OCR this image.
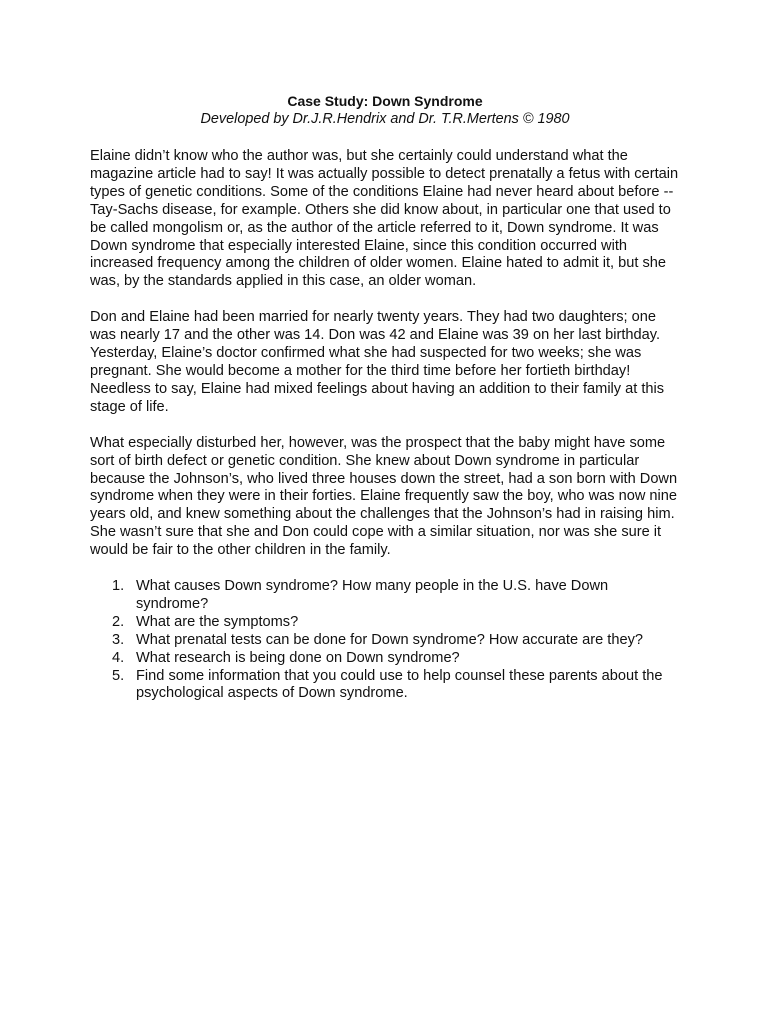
Case Study: Down Syndrome

Developed by Dr.J.R.Hendrix and Dr. T.R.Mertens © 1980

Elaine didn’t know who the author was, but she certainly could understand what the magazine article had to say! It was actually possible to detect prenatally a fetus with certain types of genetic conditions. Some of the conditions Elaine had never heard about before -- Tay-Sachs disease, for example. Others she did know about, in particular one that used to be called mongolism or, as the author of the article referred to it, Down syndrome. It was Down syndrome that especially interested Elaine, since this condition occurred with increased frequency among the children of older women. Elaine hated to admit it, but she was, by the standards applied in this case, an older woman.

Don and Elaine had been married for nearly twenty years. They had two daughters; one was nearly 17 and the other was 14. Don was 42 and Elaine was 39 on her last birthday. Yesterday, Elaine’s doctor confirmed what she had suspected for two weeks; she was pregnant. She would become a mother for the third time before her fortieth birthday! Needless to say, Elaine had mixed feelings about having an addition to their family at this stage of life.

What especially disturbed her, however, was the prospect that the baby might have some sort of birth defect or genetic condition. She knew about Down syndrome in particular because the Johnson’s, who lived three houses down the street, had a son born with Down syndrome when they were in their forties. Elaine frequently saw the boy, who was now nine years old, and knew something about the challenges that the Johnson’s had in raising him. She wasn’t sure that she and Don could cope with a similar situation, nor was she sure it would be fair to the other children in the family.

1. What causes Down syndrome? How many people in the U.S. have Down syndrome?
2. What are the symptoms?
3. What prenatal tests can be done for Down syndrome? How accurate are they?
4. What research is being done on Down syndrome?
5. Find some information that you could use to help counsel these parents about the psychological aspects of Down syndrome.
